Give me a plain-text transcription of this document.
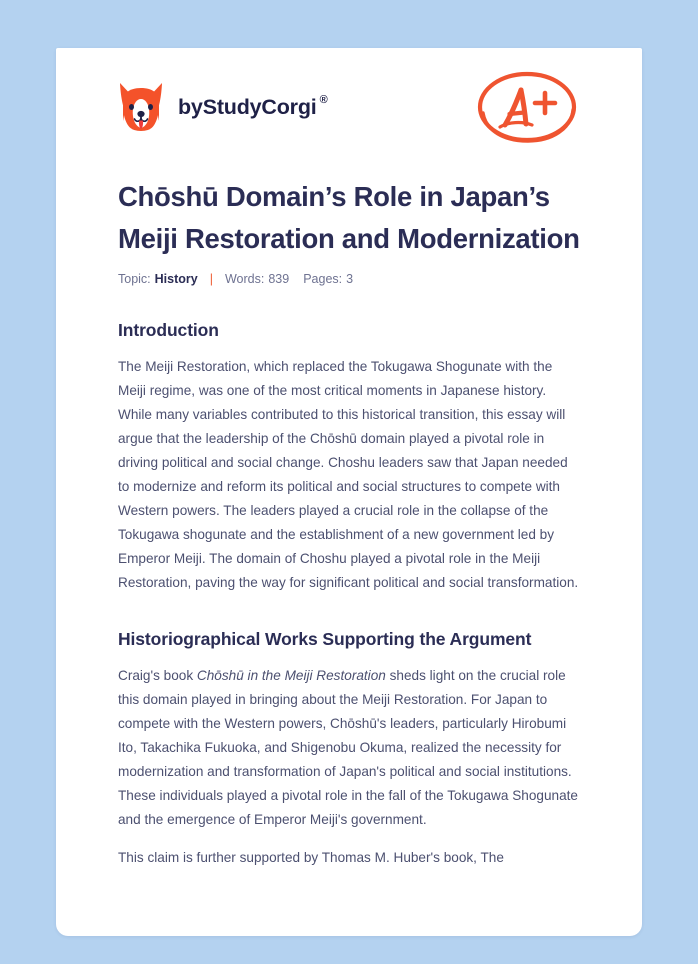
by StudyCorgi ®
Chōshū Domain’s Role in Japan’s Meiji Restoration and Modernization
Topic: History | Words: 839 Pages: 3
Introduction

The Meiji Restoration, which replaced the Tokugawa Shogunate with the Meiji regime, was one of the most critical moments in Japanese history. While many variables contributed to this historical transition, this essay will argue that the leadership of the Chōshū domain played a pivotal role in driving political and social change. Choshu leaders saw that Japan needed to modernize and reform its political and social structures to compete with Western powers. The leaders played a crucial role in the collapse of the Tokugawa shogunate and the establishment of a new government led by Emperor Meiji. The domain of Choshu played a pivotal role in the Meiji Restoration, paving the way for significant political and social transformation.

Historiographical Works Supporting the Argument

Craig's book Chōshū in the Meiji Restoration sheds light on the crucial role this domain played in bringing about the Meiji Restoration. For Japan to compete with the Western powers, Chōshū's leaders, particularly Hirobumi Ito, Takachika Fukuoka, and Shigenobu Okuma, realized the necessity for modernization and transformation of Japan's political and social institutions. These individuals played a pivotal role in the fall of the Tokugawa Shogunate and the emergence of Emperor Meiji's government.

This claim is further supported by Thomas M. Huber's book, The
